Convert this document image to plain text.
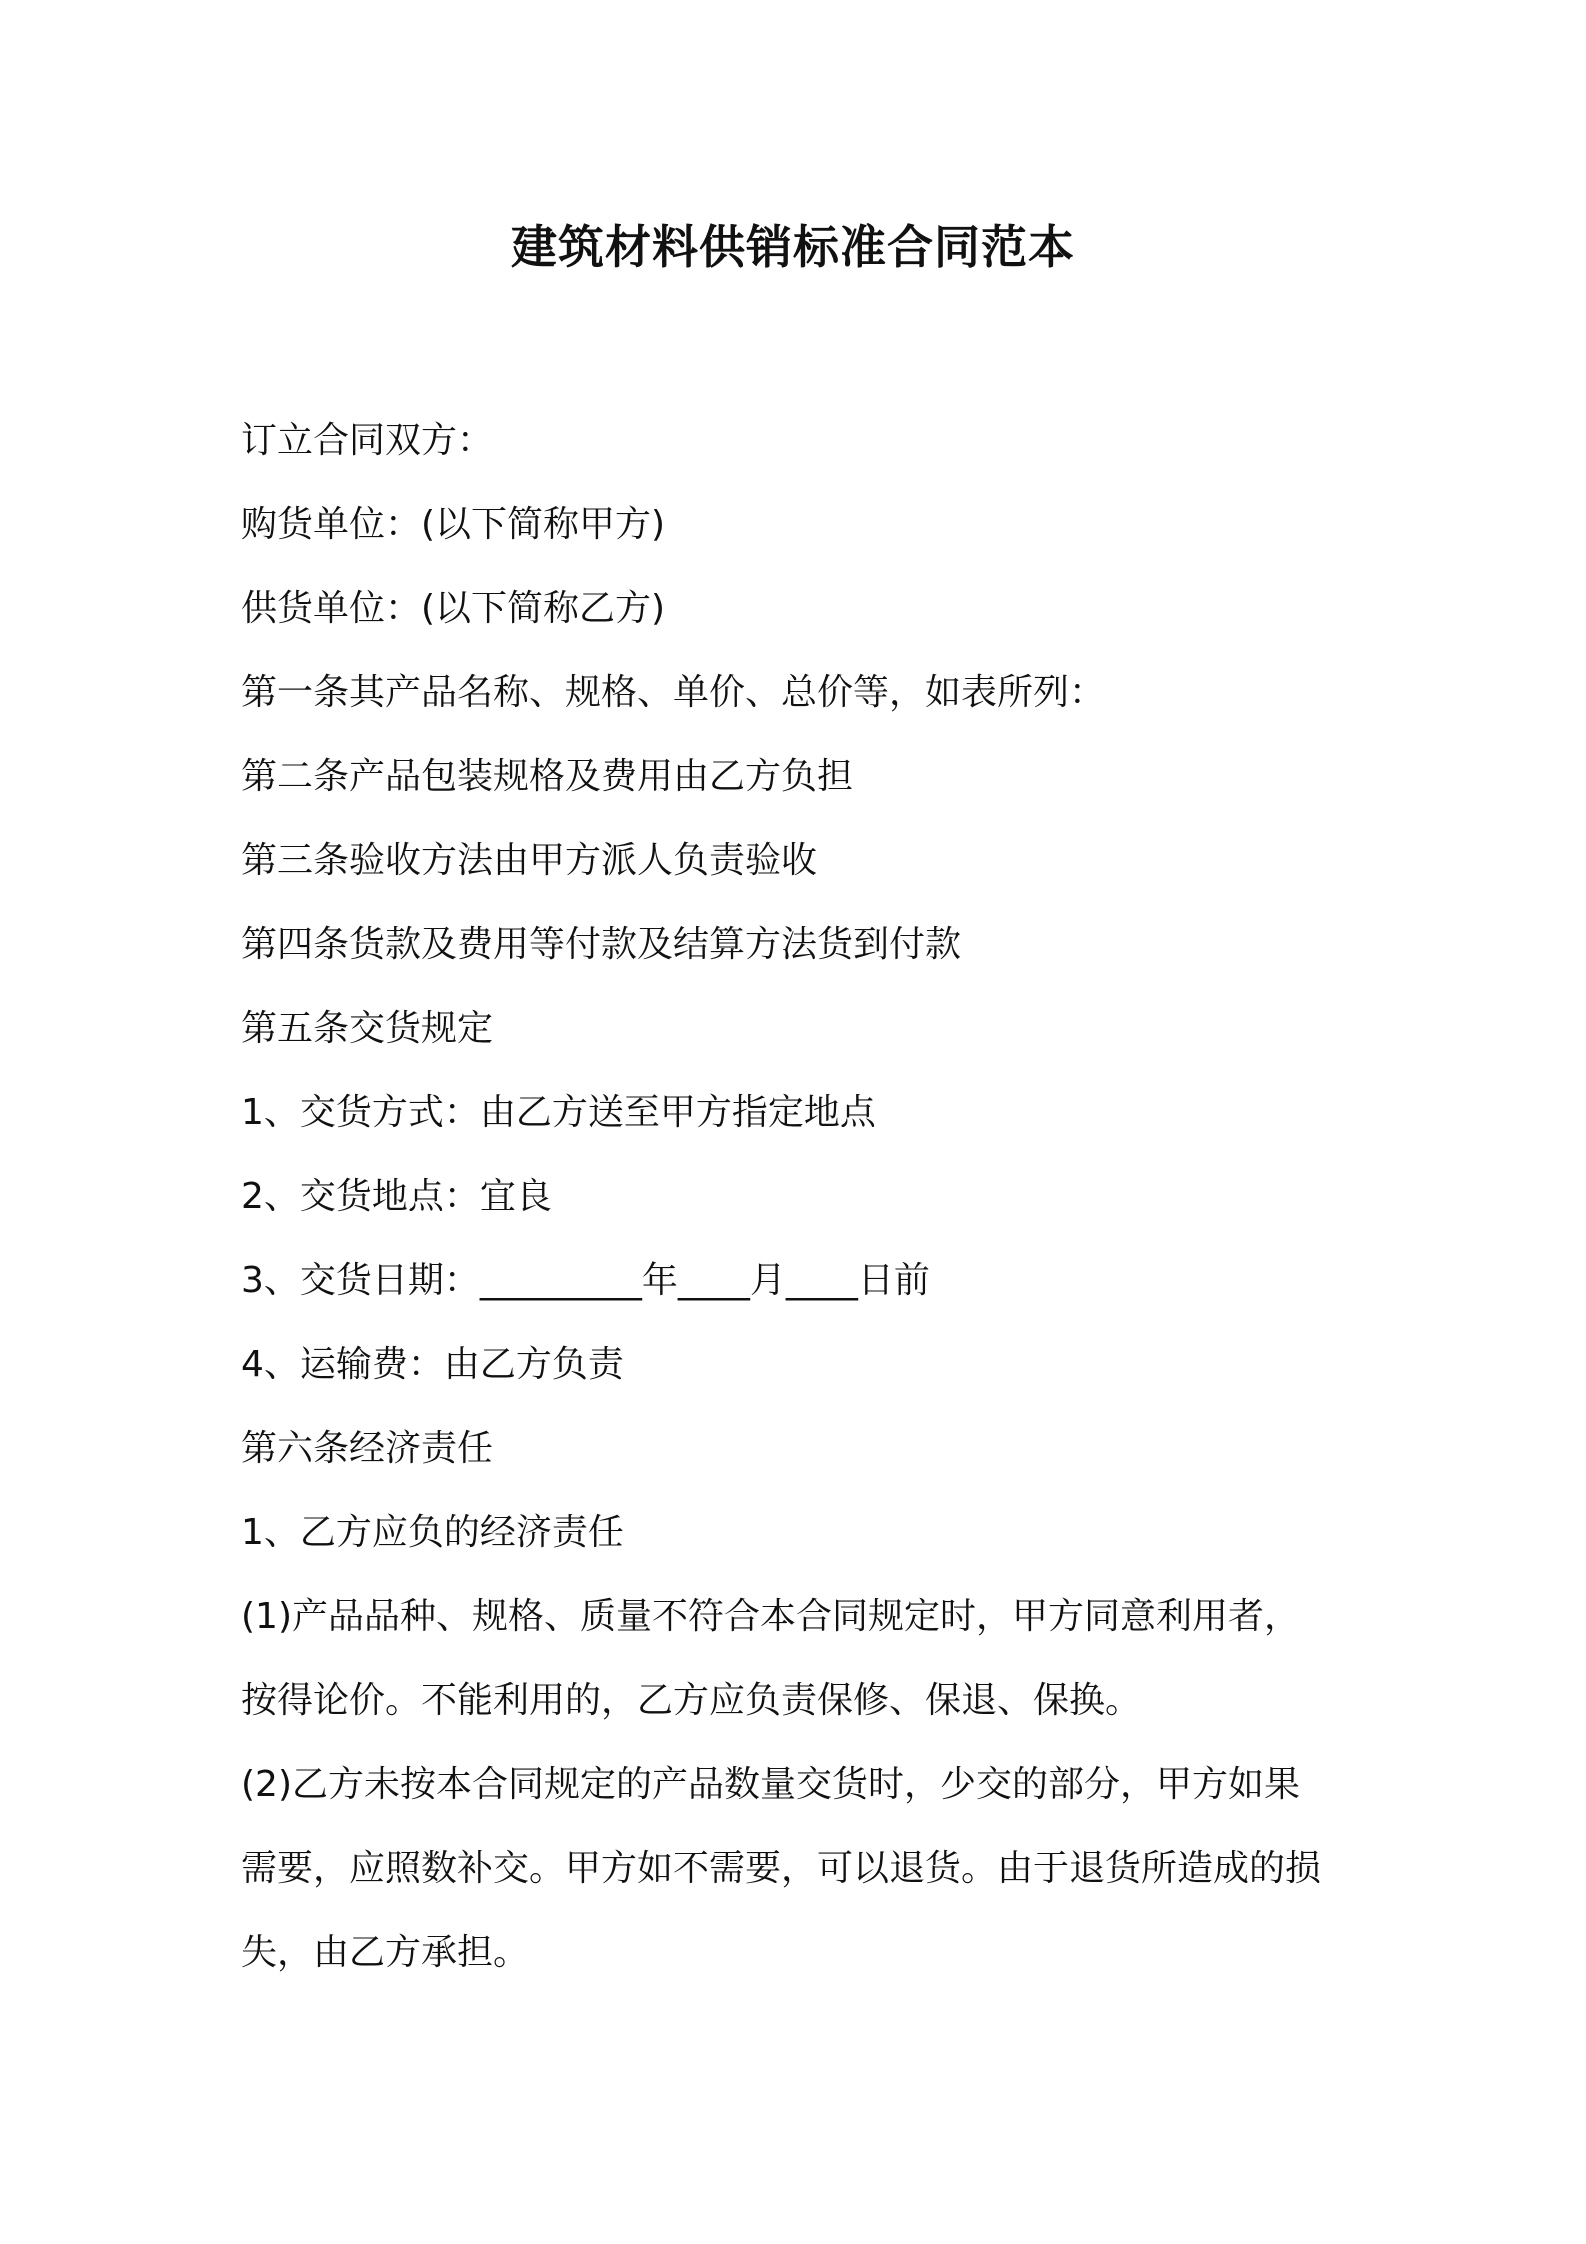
建筑材料供销标准合同范本
订立合同双方：
购货单位：(以下简称甲方)
供货单位：(以下简称乙方)
第一条其产品名称、规格、单价、总价等，如表所列：
第二条产品包装规格及费用由乙方负担
第三条验收方法由甲方派人负责验收
第四条货款及费用等付款及结算方法货到付款
第五条交货规定
1、交货方式：由乙方送至甲方指定地点
2、交货地点：宜良
3、交货日期：_________年____月____日前
4、运输费：由乙方负责
第六条经济责任
1、乙方应负的经济责任
(1)产品品种、规格、质量不符合本合同规定时，甲方同意利用者，
按得论价。不能利用的，乙方应负责保修、保退、保换。
(2)乙方未按本合同规定的产品数量交货时，少交的部分，甲方如果
需要，应照数补交。甲方如不需要，可以退货。由于退货所造成的损
失，由乙方承担。
